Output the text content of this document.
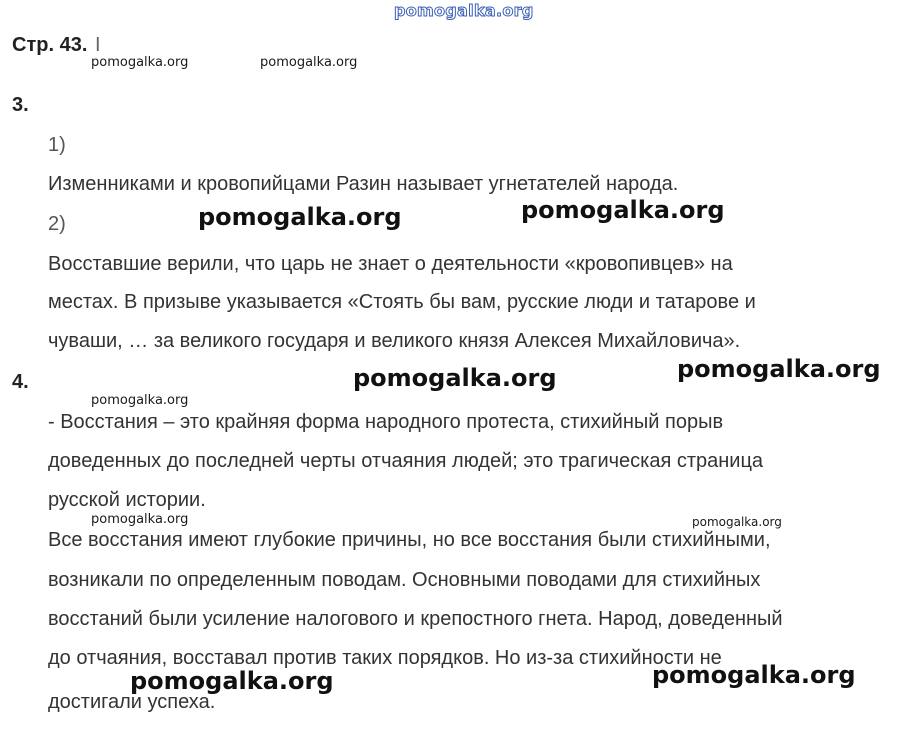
pomogalka.org
Стр. 43. I
pomogalka.org	pomogalka.org
3.
1)
Изменниками и кровопийцами Разин называет угнетателей народа.
2)	pomogalka.org	pomogalka.org
Восставшие верили, что царь не знает о деятельности «кровопивцев» на
местах. В призыве указывается «Стоять бы вам, русские люди и татарове и
чуваши, … за великого государя и великого князя Алексея Михайловича».
4.	pomogalka.org	pomogalka.org
pomogalka.org
- Восстания – это крайняя форма народного протеста, стихийный порыв
доведенных до последней черты отчаяния людей; это трагическая страница
русской истории.
pomogalka.org	pomogalka.org
Все восстания имеют глубокие причины, но все восстания были стихийными,
возникали по определенным поводам. Основными поводами для стихийных
восстаний были усиление налогового и крепостного гнета. Народ, доведенный
до отчаяния, восставал против таких порядков. Но из-за стихийности не
pomogalka.org	pomogalka.org
достигали успеха.
